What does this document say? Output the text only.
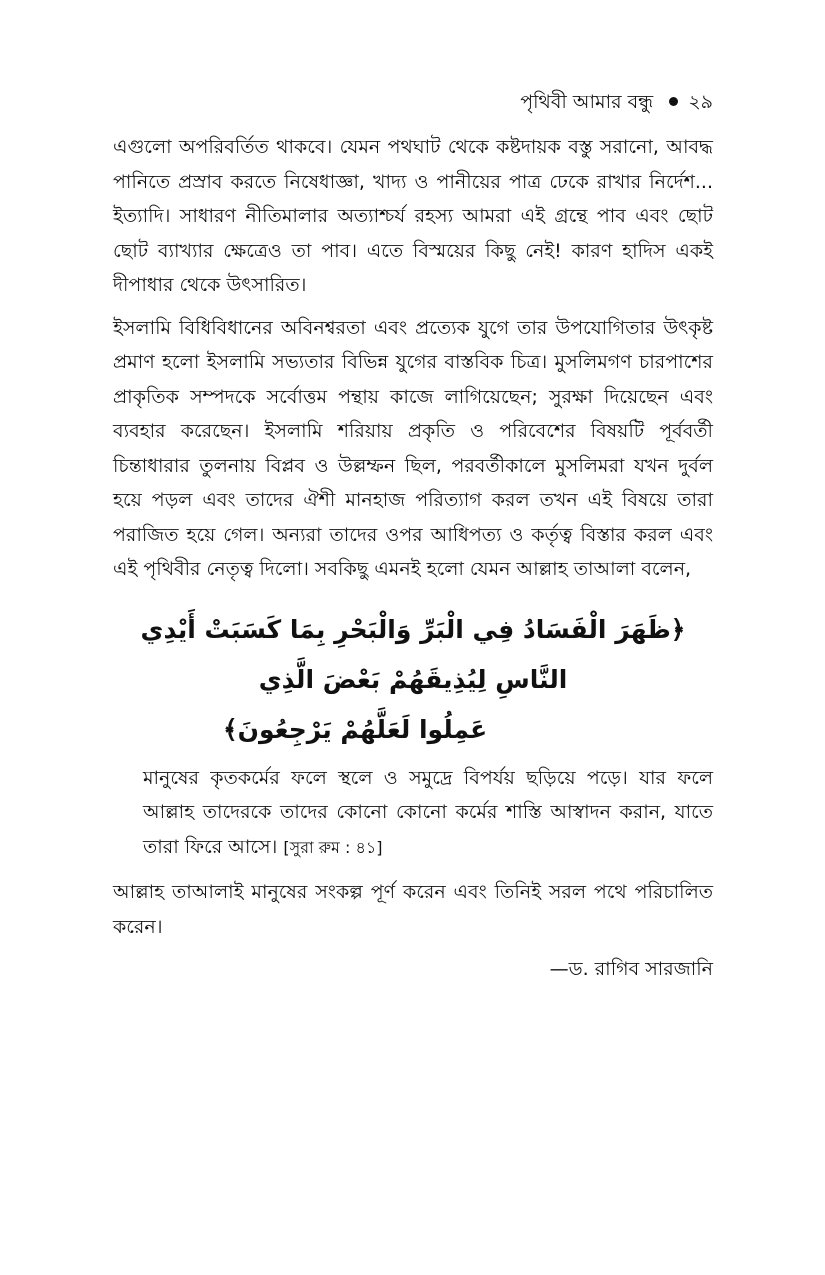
পৃথিবী আমার বন্ধু ২৯

এগুলো অপরিবর্তিত থাকবে। যেমন পথঘাট থেকে কষ্টদায়ক বস্তু সরানো, আবদ্ধ পানিতে প্রস্রাব করতে নিষেধাজ্ঞা, খাদ্য ও পানীয়ের পাত্র ঢেকে রাখার নির্দেশ... ইত্যাদি। সাধারণ নীতিমালার অত্যাশ্চর্য রহস্য আমরা এই গ্রন্থে পাব এবং ছোট ছোট ব্যাখ্যার ক্ষেত্রেও তা পাব। এতে বিস্ময়ের কিছু নেই! কারণ হাদিস একই দীপাধার থেকে উৎসারিত।

ইসলামি বিধিবিধানের অবিনশ্বরতা এবং প্রত্যেক যুগে তার উপযোগিতার উৎকৃষ্ট প্রমাণ হলো ইসলামি সভ্যতার বিভিন্ন যুগের বাস্তবিক চিত্র। মুসলিমগণ চারপাশের প্রাকৃতিক সম্পদকে সর্বোত্তম পন্থায় কাজে লাগিয়েছেন; সুরক্ষা দিয়েছেন এবং ব্যবহার করেছেন। ইসলামি শরিয়ায় প্রকৃতি ও পরিবেশের বিষয়টি পূর্ববর্তী চিন্তাধারার তুলনায় বিপ্লব ও উল্লম্ফন ছিল, পরবর্তীকালে মুসলিমরা যখন দুর্বল হয়ে পড়ল এবং তাদের ঐশী মানহাজ পরিত্যাগ করল তখন এই বিষয়ে তারা পরাজিত হয়ে গেল। অন্যরা তাদের ওপর আধিপত্য ও কর্তৃত্ব বিস্তার করল এবং এই পৃথিবীর নেতৃত্ব দিলো। সবকিছু এমনই হলো যেমন আল্লাহ তাআলা বলেন,

﴿ظَهَرَ الْفَسَادُ فِي الْبَرِّ وَالْبَحْرِ بِمَا كَسَبَتْ أَيْدِي النَّاسِ لِيُذِيقَهُمْ بَعْضَ الَّذِي
عَمِلُوا لَعَلَّهُمْ يَرْجِعُونَ﴾

মানুষের কৃতকর্মের ফলে স্থলে ও সমুদ্রে বিপর্যয় ছড়িয়ে পড়ে। যার ফলে আল্লাহ তাদেরকে তাদের কোনো কোনো কর্মের শাস্তি আস্বাদন করান, যাতে তারা ফিরে আসে। [সুরা রুম : ৪১]

আল্লাহ তাআলাই মানুষের সংকল্প পূর্ণ করেন এবং তিনিই সরল পথে পরিচালিত করেন।

—ড. রাগিব সারজানি
